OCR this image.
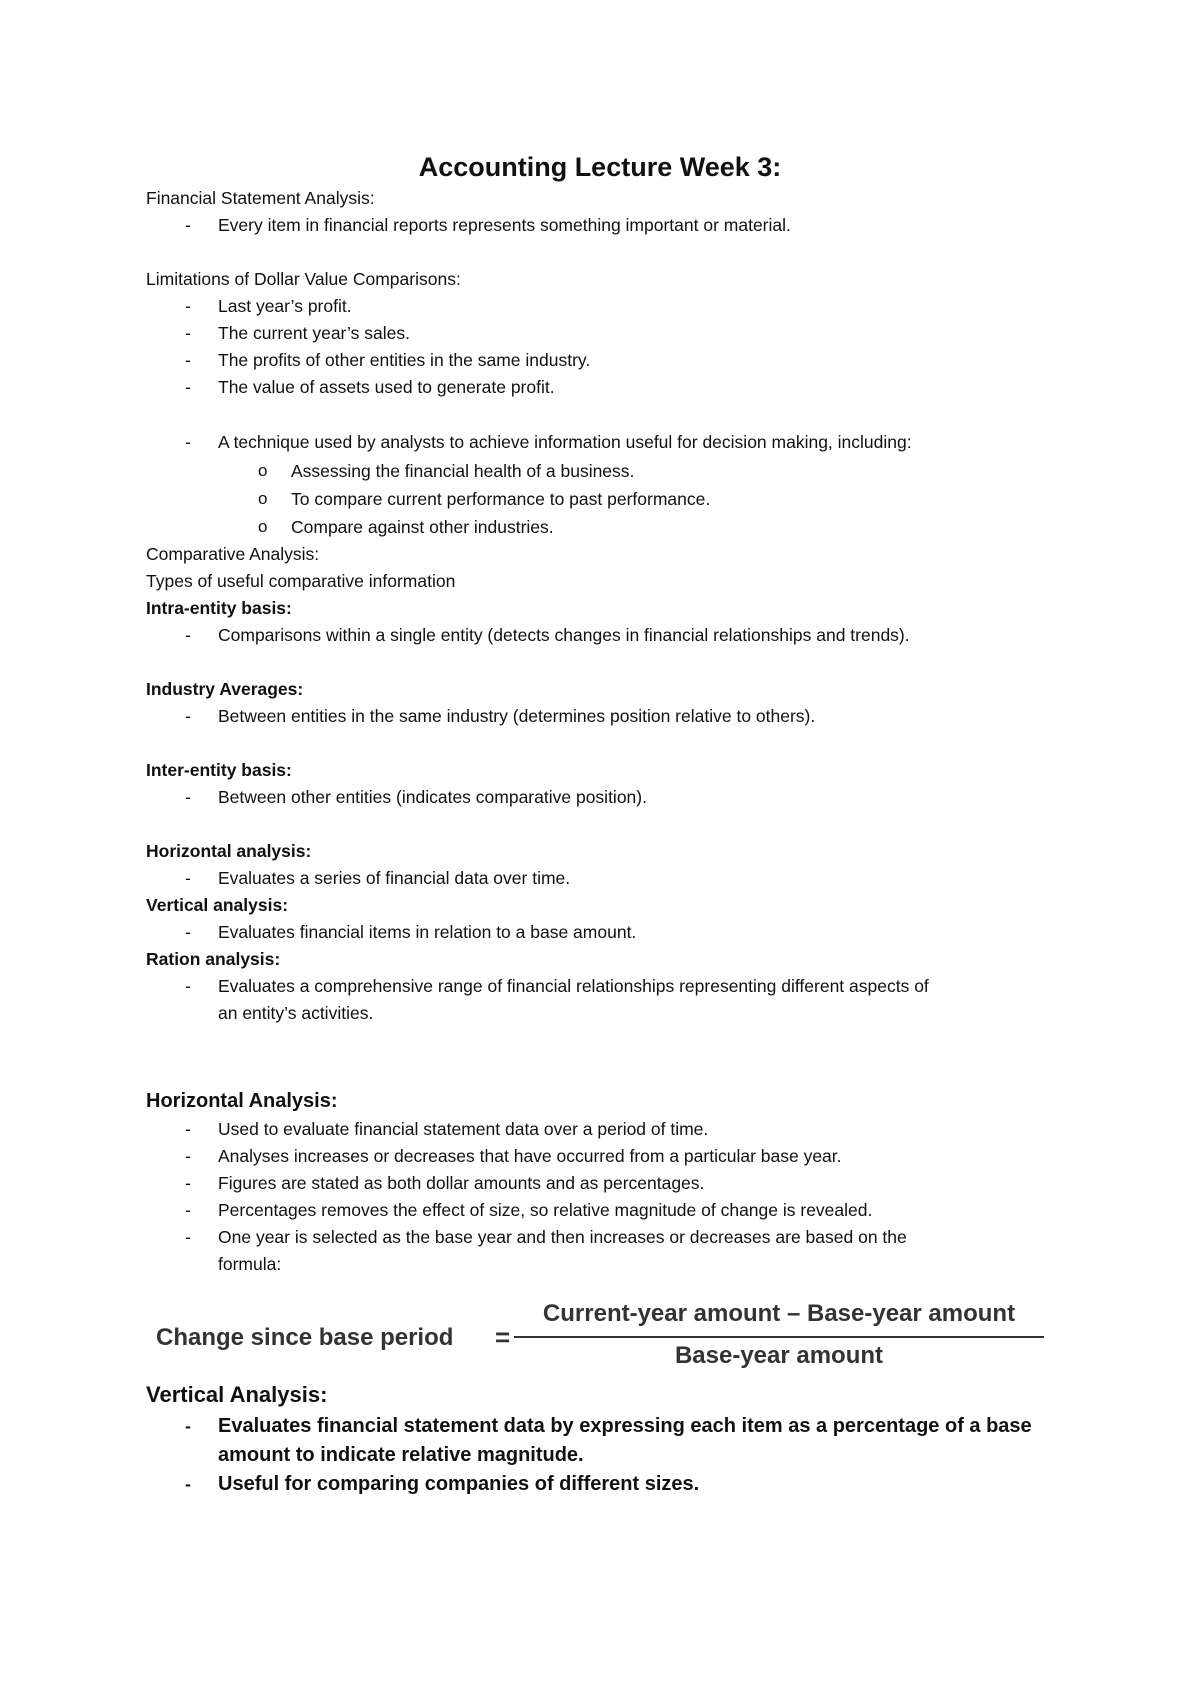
Accounting Lecture Week 3:
Financial Statement Analysis:
- Every item in financial reports represents something important or material.
Limitations of Dollar Value Comparisons:
- Last year’s profit.
- The current year’s sales.
- The profits of other entities in the same industry.
- The value of assets used to generate profit.
- A technique used by analysts to achieve information useful for decision making, including:
o Assessing the financial health of a business.
o To compare current performance to past performance.
o Compare against other industries.
Comparative Analysis:
Types of useful comparative information
Intra-entity basis:
- Comparisons within a single entity (detects changes in financial relationships and trends).
Industry Averages:
- Between entities in the same industry (determines position relative to others).
Inter-entity basis:
- Between other entities (indicates comparative position).
Horizontal analysis:
- Evaluates a series of financial data over time.
Vertical analysis:
- Evaluates financial items in relation to a base amount.
Ration analysis:
- Evaluates a comprehensive range of financial relationships representing different aspects of
an entity’s activities.
Horizontal Analysis:
- Used to evaluate financial statement data over a period of time.
- Analyses increases or decreases that have occurred from a particular base year.
- Figures are stated as both dollar amounts and as percentages.
- Percentages removes the effect of size, so relative magnitude of change is revealed.
- One year is selected as the base year and then increases or decreases are based on the
formula:
Change since base period =
Current-year amount – Base-year amount
Base-year amount
Vertical Analysis:
- Evaluates financial statement data by expressing each item as a percentage of a base
amount to indicate relative magnitude.
- Useful for comparing companies of different sizes.
